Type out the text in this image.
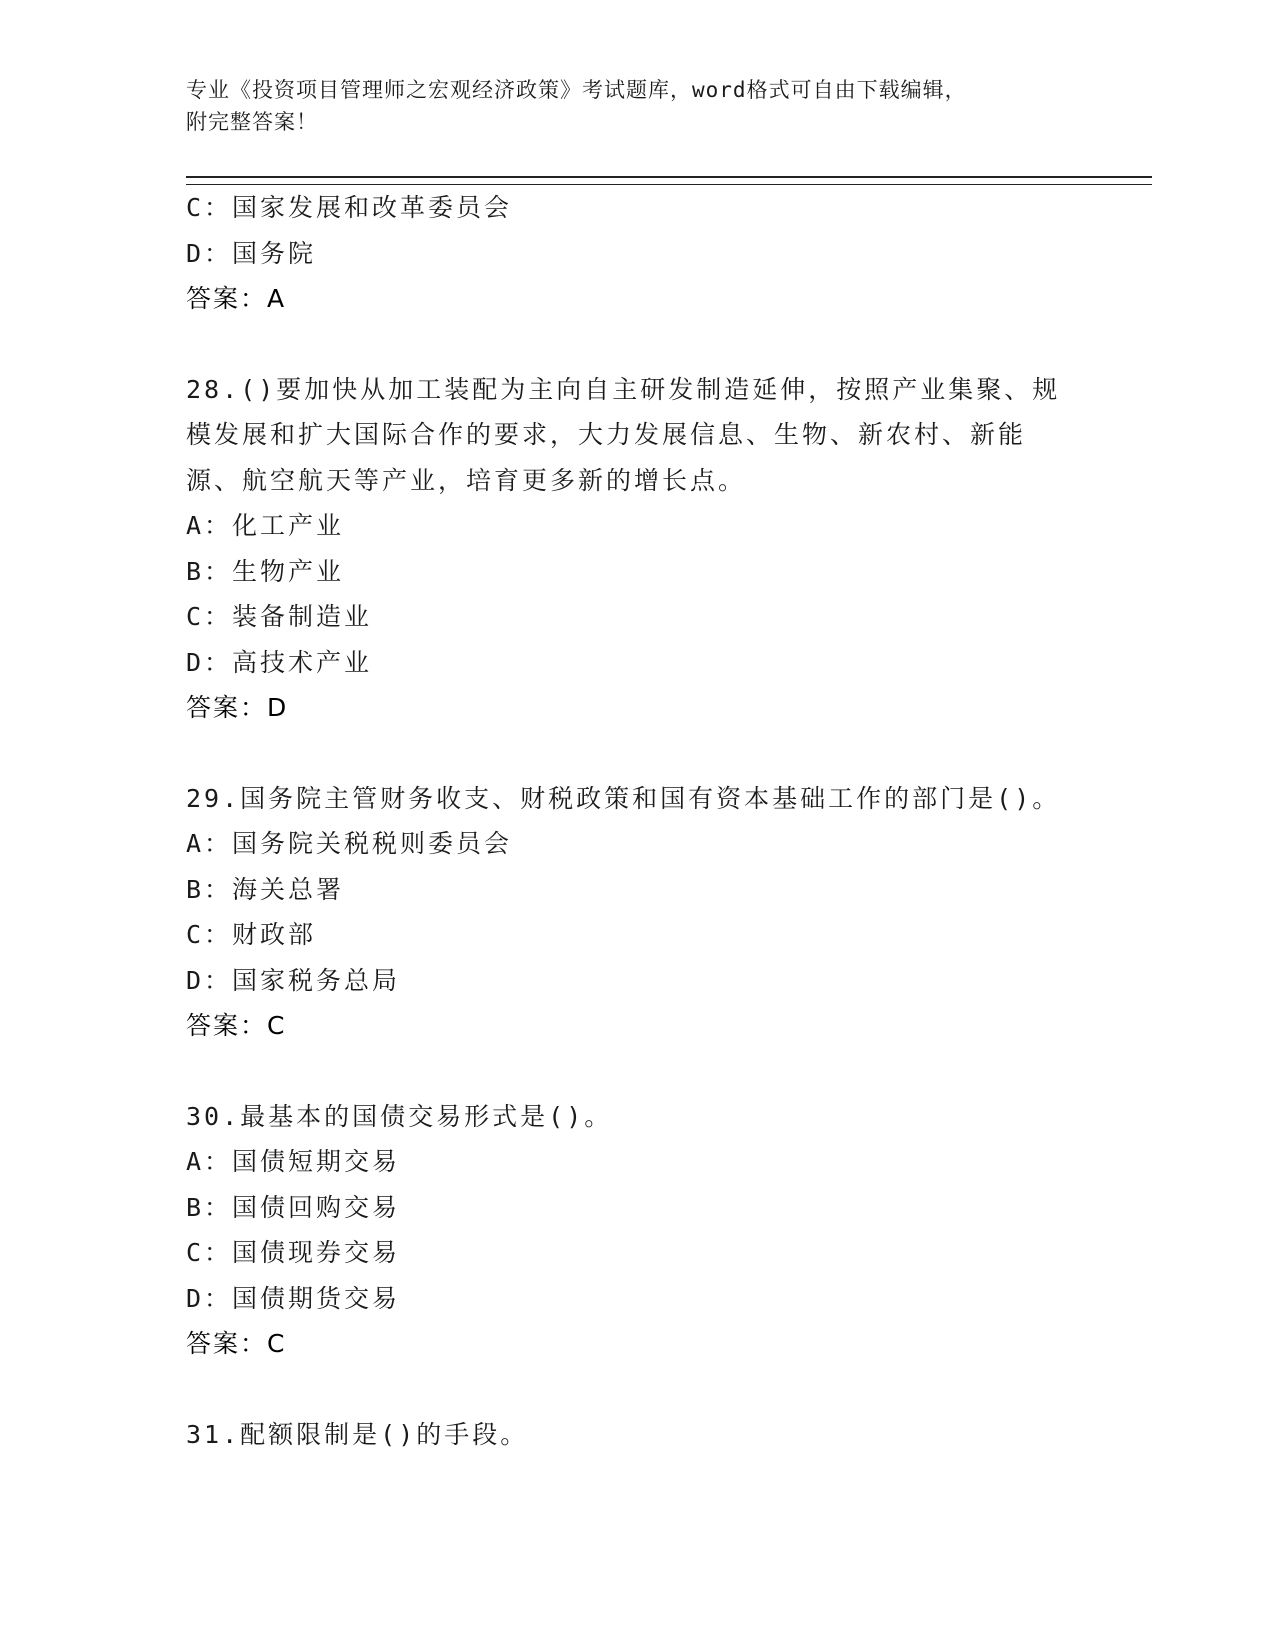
专业《投资项目管理师之宏观经济政策》考试题库，word格式可自由下载编辑，
附完整答案！
C：国家发展和改革委员会
D：国务院
答案：A
28.()要加快从加工装配为主向自主研发制造延伸，按照产业集聚、规
模发展和扩大国际合作的要求，大力发展信息、生物、新农村、新能
源、航空航天等产业，培育更多新的增长点。
A：化工产业
B：生物产业
C：装备制造业
D：高技术产业
答案：D
29.国务院主管财务收支、财税政策和国有资本基础工作的部门是()。
A：国务院关税税则委员会
B：海关总署
C：财政部
D：国家税务总局
答案：C
30.最基本的国债交易形式是()。
A：国债短期交易
B：国债回购交易
C：国债现券交易
D：国债期货交易
答案：C
31.配额限制是()的手段。
